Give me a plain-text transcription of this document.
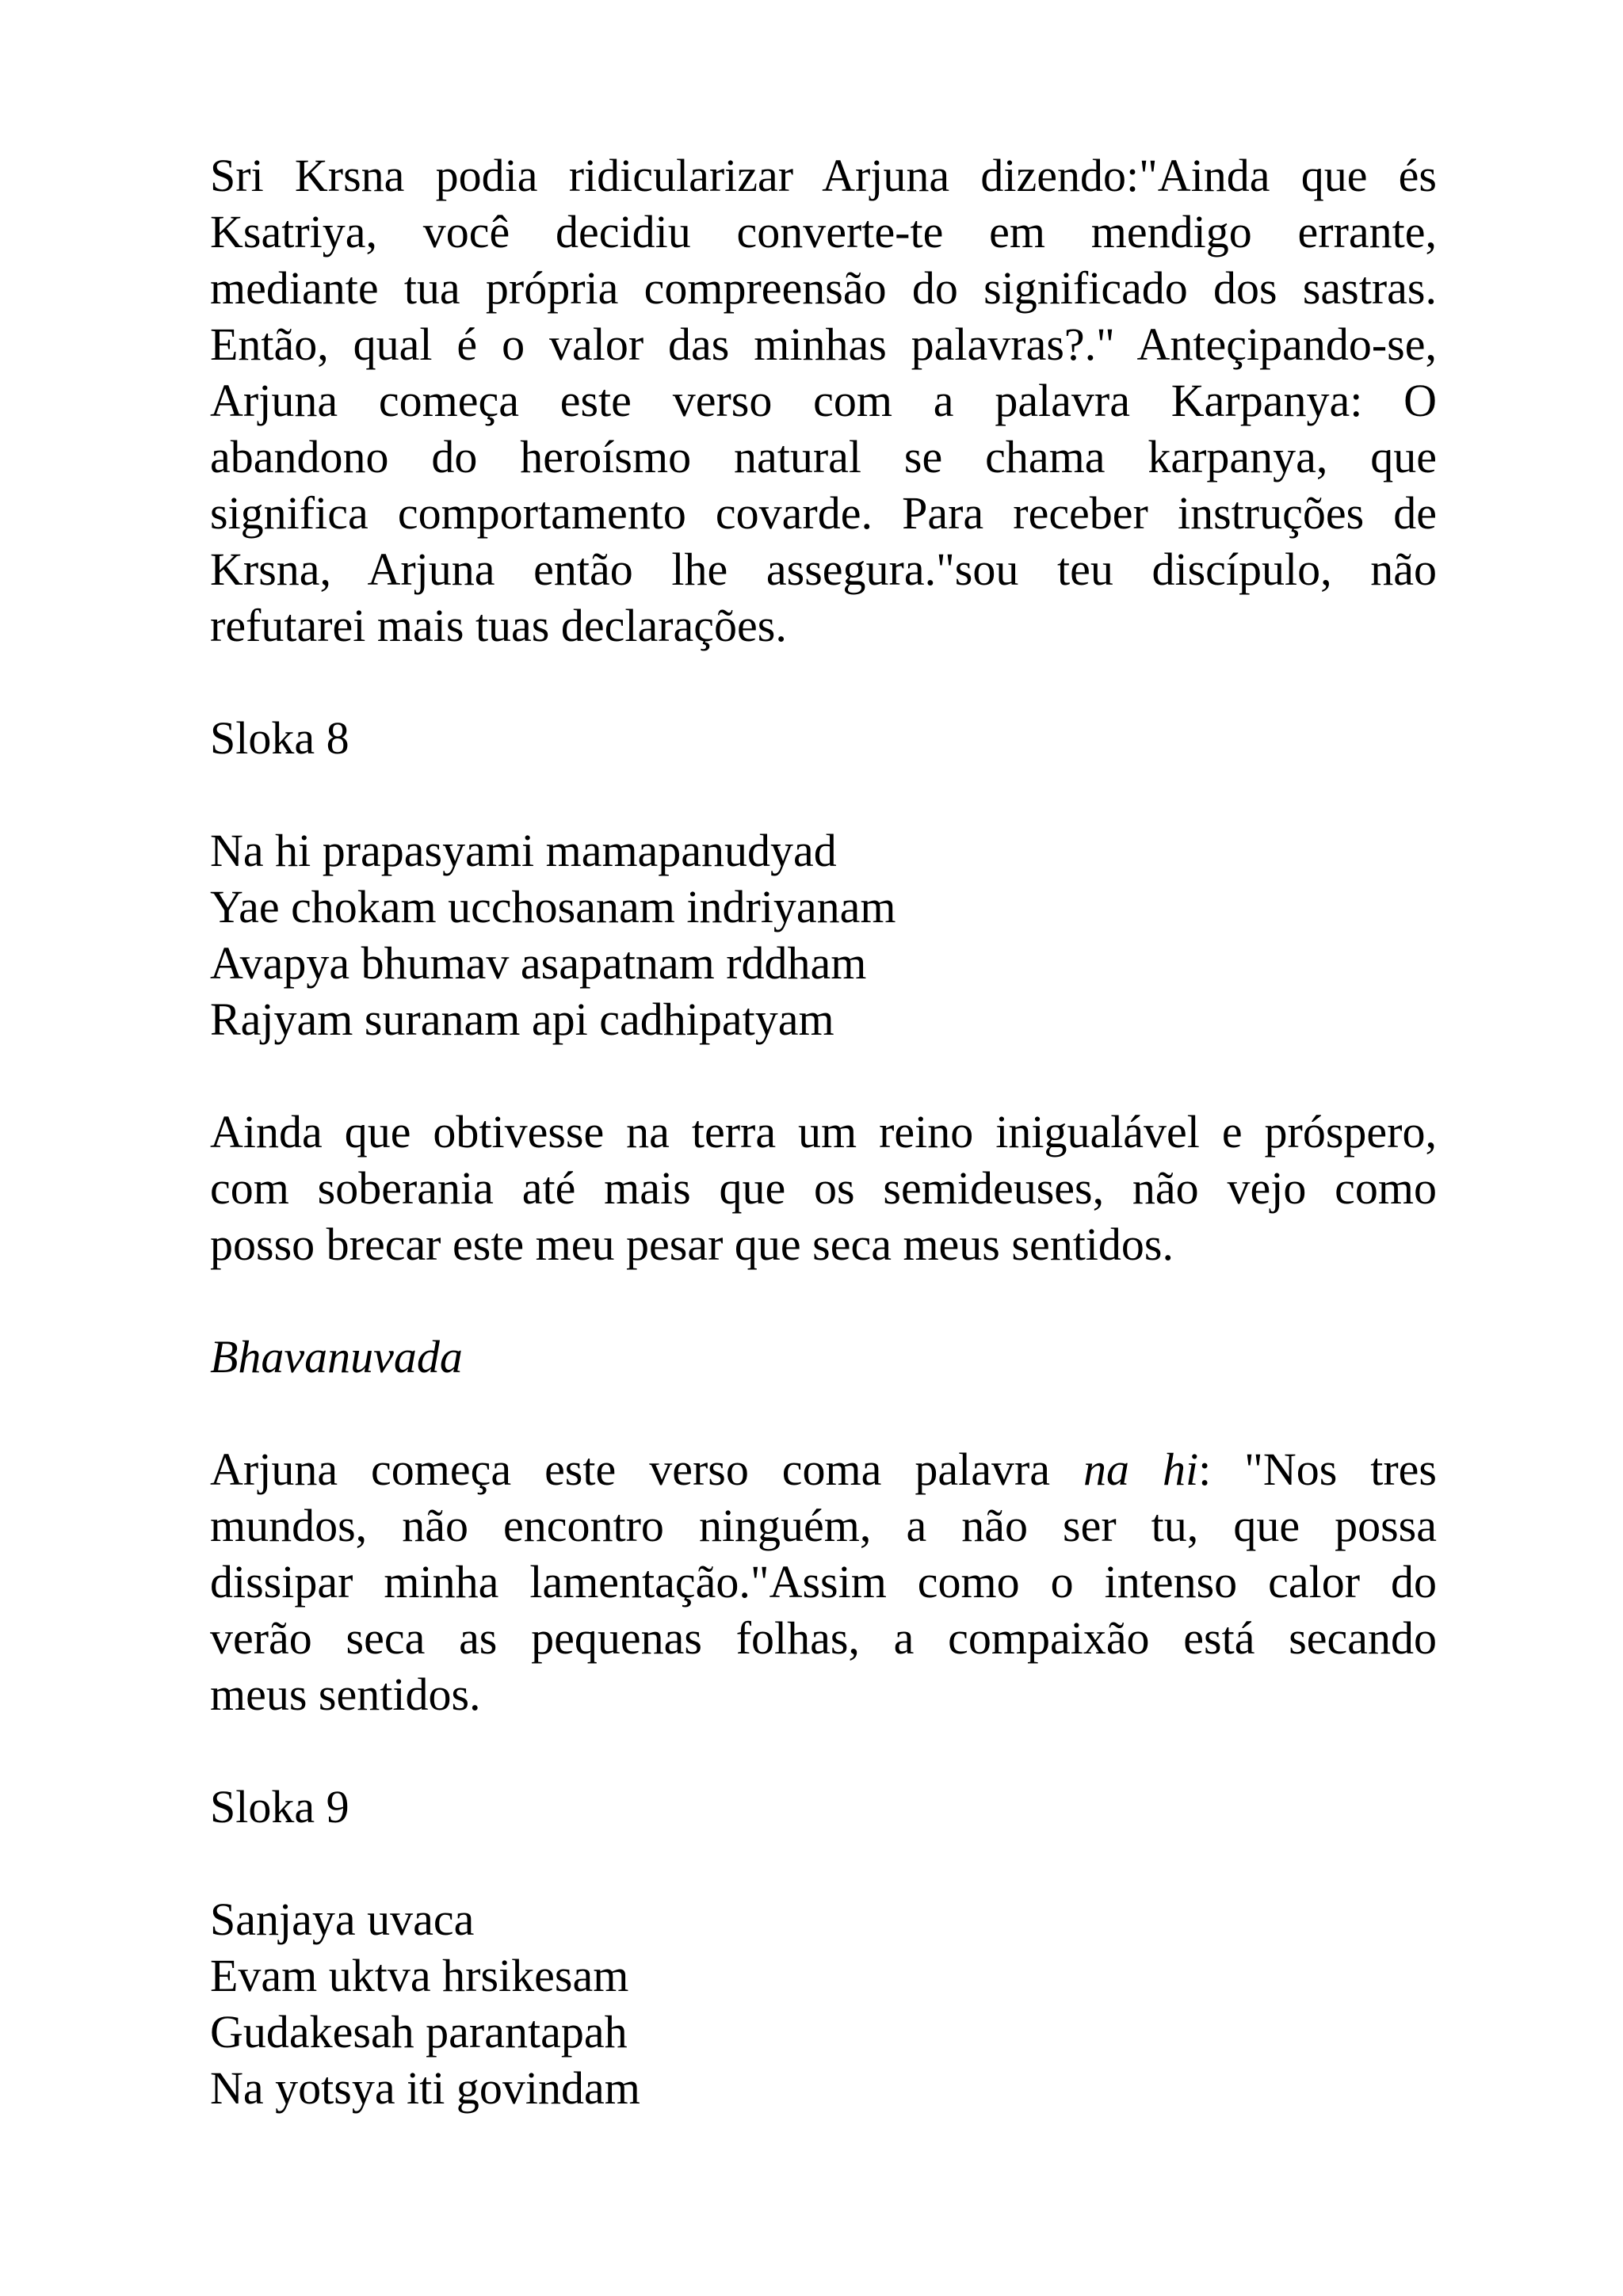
Sri Krsna podia ridicularizar Arjuna dizendo:"Ainda que és
Ksatriya, você decidiu converte-te em mendigo errante,
mediante tua própria compreensão do significado dos sastras.
Então, qual é o valor das minhas palavras?." Anteçipando-se,
Arjuna começa este verso com a palavra Karpanya: O
abandono do heroísmo natural se chama karpanya, que
significa comportamento covarde. Para receber instruções de
Krsna, Arjuna então lhe assegura."sou teu discípulo, não
refutarei mais tuas declarações.
Sloka 8
Na hi prapasyami mamapanudyad
Yae chokam ucchosanam indriyanam
Avapya bhumav asapatnam rddham
Rajyam suranam api cadhipatyam
Ainda que obtivesse na terra um reino inigualável e próspero,
com soberania até mais que os semideuses, não vejo como
posso brecar este meu pesar que seca meus sentidos.
Bhavanuvada
Arjuna começa este verso coma palavra na hi: "Nos tres
mundos, não encontro ninguém, a não ser tu, que possa
dissipar minha lamentação."Assim como o intenso calor do
verão seca as pequenas folhas, a compaixão está secando
meus sentidos.
Sloka 9
Sanjaya uvaca
Evam uktva hrsikesam
Gudakesah parantapah
Na yotsya iti govindam
